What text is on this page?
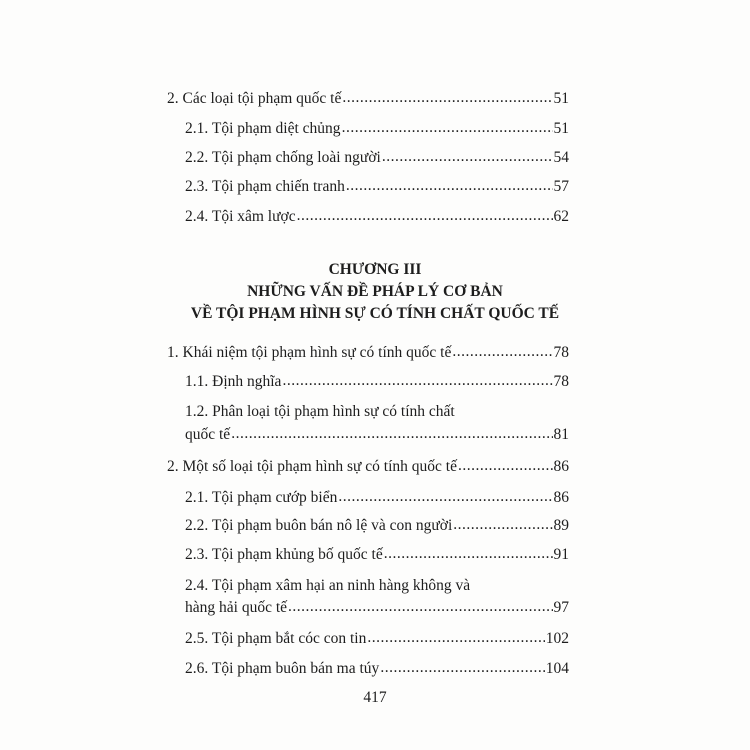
2. Các loại tội phạm quốc tế .....	51
2.1. Tội phạm diệt chủng .....	51
2.2. Tội phạm chống loài người .....	54
2.3. Tội phạm chiến tranh .....	57
2.4. Tội xâm lược .....	62
CHƯƠNG III
NHỮNG VẤN ĐỀ PHÁP LÝ CƠ BẢN
VỀ TỘI PHẠM HÌNH SỰ CÓ TÍNH CHẤT QUỐC TẾ
1. Khái niệm tội phạm hình sự có tính quốc tế .....	78
1.1. Định nghĩa .....	78
1.2. Phân loại tội phạm hình sự có tính chất
quốc tế .....	81
2. Một số loại tội phạm hình sự có tính quốc tế .....	86
2.1. Tội phạm cướp biển .....	86
2.2. Tội phạm buôn bán nô lệ và con người .....	89
2.3. Tội phạm khủng bố quốc tế .....	91
2.4. Tội phạm xâm hại an ninh hàng không và
hàng hải quốc tế .....	97
2.5. Tội phạm bắt cóc con tin .....	102
2.6. Tội phạm buôn bán ma túy .....	104
417
